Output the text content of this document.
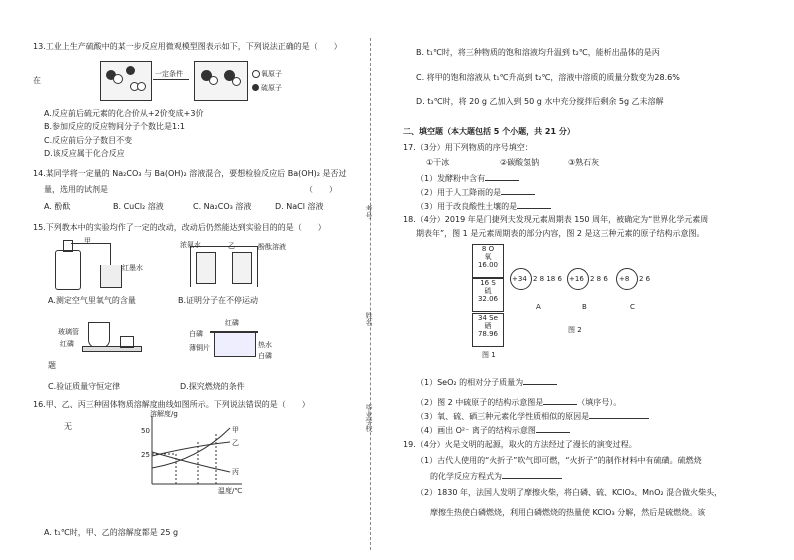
13.工业上生产硫酸中的某一步反应用微观模型图表示如下，下列说法正确的是（　　）
在
一定条件	氧原子
硫原子
A.反应前后硫元素的化合价从+2价变成+3价
B.参加反应的反应物间分子个数比是1:1
C.反应前后分子数目不变
D.该反应属于化合反应
14.某同学将一定量的 Na₂CO₃ 与 Ba(OH)₂ 溶液混合，要想检验反应后 Ba(OH)₂ 是否过
量，选用的试剂是	（　　）
A. 酚酞	B. CuCl₂ 溶液	C. Na₂CO₃ 溶液	D. NaCl 溶液
15.下列教本中的实验均作了一定的改动，改动后仍然能达到实验目的的是（　　）
甲
红墨水
A.测定空气里氧气的含量
浓氨水	酚酞溶液
乙
B.证明分子在不停运动
玻璃管
红磷
题
C.验证质量守恒定律
红磷
白磷
薄铜片	热水
白磷
D.探究燃烧的条件
16.甲、乙、丙三种固体物质溶解度曲线如图所示。下列说法错误的是（　　）
无
溶解度/g
温度/℃
50
25
甲
乙
丙
A. t₁℃时，甲、乙的溶解度都是 25 g
考号
姓名
毕业学校
B. t₁℃时，将三种物质的饱和溶液均升温到 t₂℃，能析出晶体的是丙
C. 将甲的饱和溶液从 t₁℃升高到 t₂℃，溶液中溶质的质量分数变为28.6%
D. t₃℃时，将 20 g 乙加入到 50 g 水中充分搅拌后剩余 5g 乙未溶解
二、填空题（本大题包括 5 个小题，共 21 分）
17.（3分）用下列物质的序号填空：
①干冰	②碳酸氢钠	③熟石灰
（1）发酵粉中含有
（2）用于人工降雨的是
（3）用于改良酸性土壤的是
18.（4分）2019 年是门捷列夫发现元素周期表 150 周年，被确定为“世界化学元素周
期表年”，图 1 是元素周期表的部分内容，图 2 是这三种元素的原子结构示意图。
8 O
氧
16.00
16 S
硫
32.06
34 Se
硒
78.96
图 1
+34 2 8 18 6
A
+16 2 8 6
B
+8 2 6
C
图 2
（1）SeO₂ 的相对分子质量为
（2）图 2 中硫原子的结构示意图是	（填序号）。
（3）氧、硫、硒三种元素化学性质相似的原因是
（4）画出 O²⁻ 离子的结构示意图
19.（4分）火是文明的起源，取火的方法经过了漫长的演变过程。
（1）古代人使用的“火折子”吹气即可燃，“火折子”的制作材料中有硫磺。硫燃烧
的化学反应方程式为
（2）1830 年，法国人发明了摩擦火柴，将白磷、硫、KClO₃、MnO₂ 混合做火柴头，
摩擦生热使白磷燃烧，利用白磷燃烧的热量使 KClO₃ 分解，然后是硫燃烧。该
